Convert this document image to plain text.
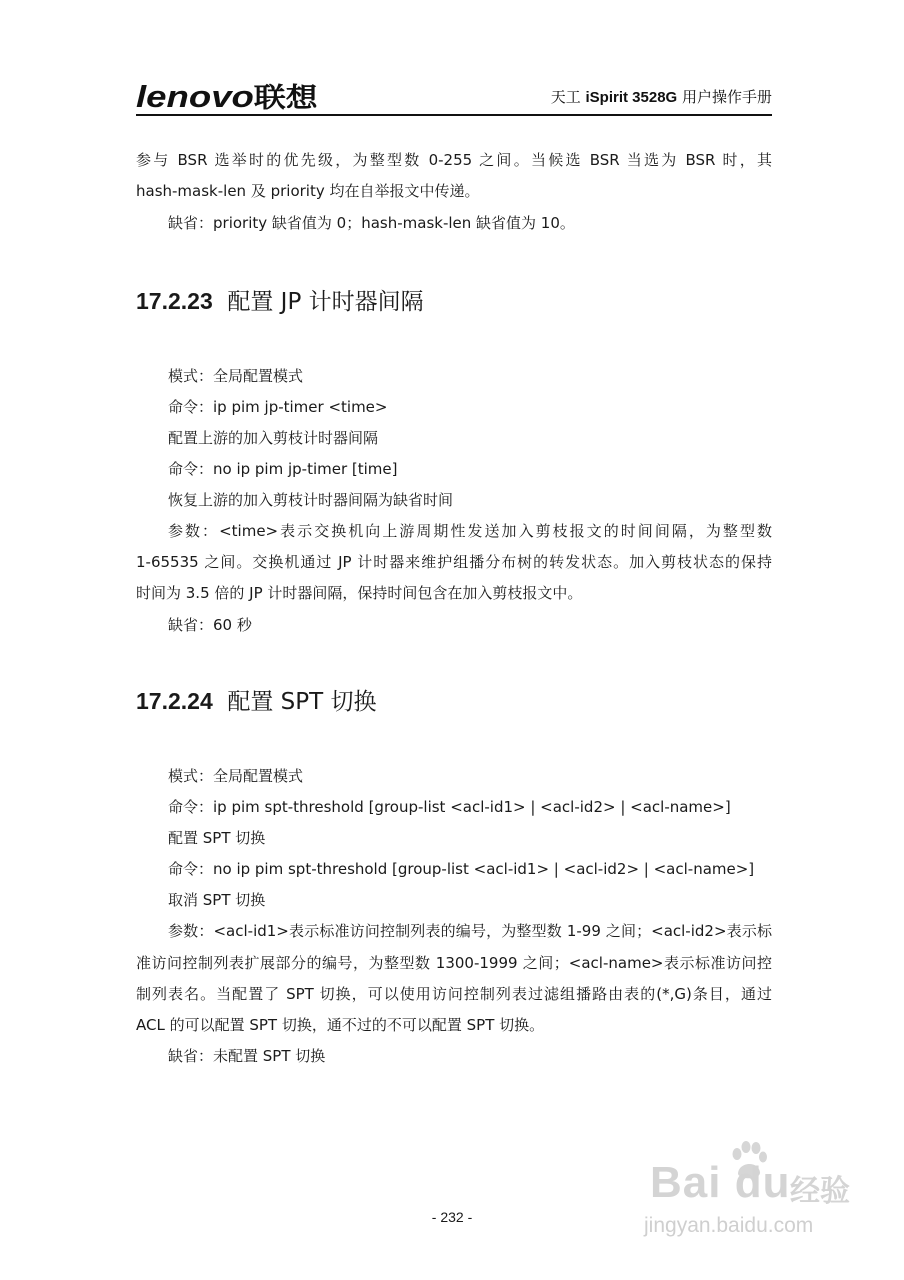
lenovo联想	天工 iSpirit 3528G 用户操作手册

参与 BSR 选举时的优先级，为整型数 0-255 之间。当候选 BSR 当选为 BSR 时，其

hash-mask-len 及 priority 均在自举报文中传递。

缺省：priority 缺省值为 0；hash-mask-len 缺省值为 10。

17.2.23 配置 JP 计时器间隔

模式：全局配置模式

命令：ip pim jp-timer <time>

配置上游的加入剪枝计时器间隔

命令：no ip pim jp-timer [time]

恢复上游的加入剪枝计时器间隔为缺省时间

参数：<time>表示交换机向上游周期性发送加入剪枝报文的时间间隔，为整型数

1-65535 之间。交换机通过 JP 计时器来维护组播分布树的转发状态。加入剪枝状态的保持

时间为 3.5 倍的 JP 计时器间隔，保持时间包含在加入剪枝报文中。

缺省：60 秒

17.2.24 配置 SPT 切换

模式：全局配置模式

命令：ip pim spt-threshold [group-list <acl-id1> | <acl-id2> | <acl-name>]

配置 SPT 切换

命令：no ip pim spt-threshold [group-list <acl-id1> | <acl-id2> | <acl-name>]

取消 SPT 切换

参数：<acl-id1>表示标准访问控制列表的编号，为整型数 1-99 之间；<acl-id2>表示标

准访问控制列表扩展部分的编号，为整型数 1300-1999 之间；<acl-name>表示标准访问控

制列表名。当配置了 SPT 切换，可以使用访问控制列表过滤组播路由表的(*,G)条目，通过

ACL 的可以配置 SPT 切换，通不过的不可以配置 SPT 切换。

缺省：未配置 SPT 切换

- 232 -
Bai du 经验
jingyan.baidu.com
